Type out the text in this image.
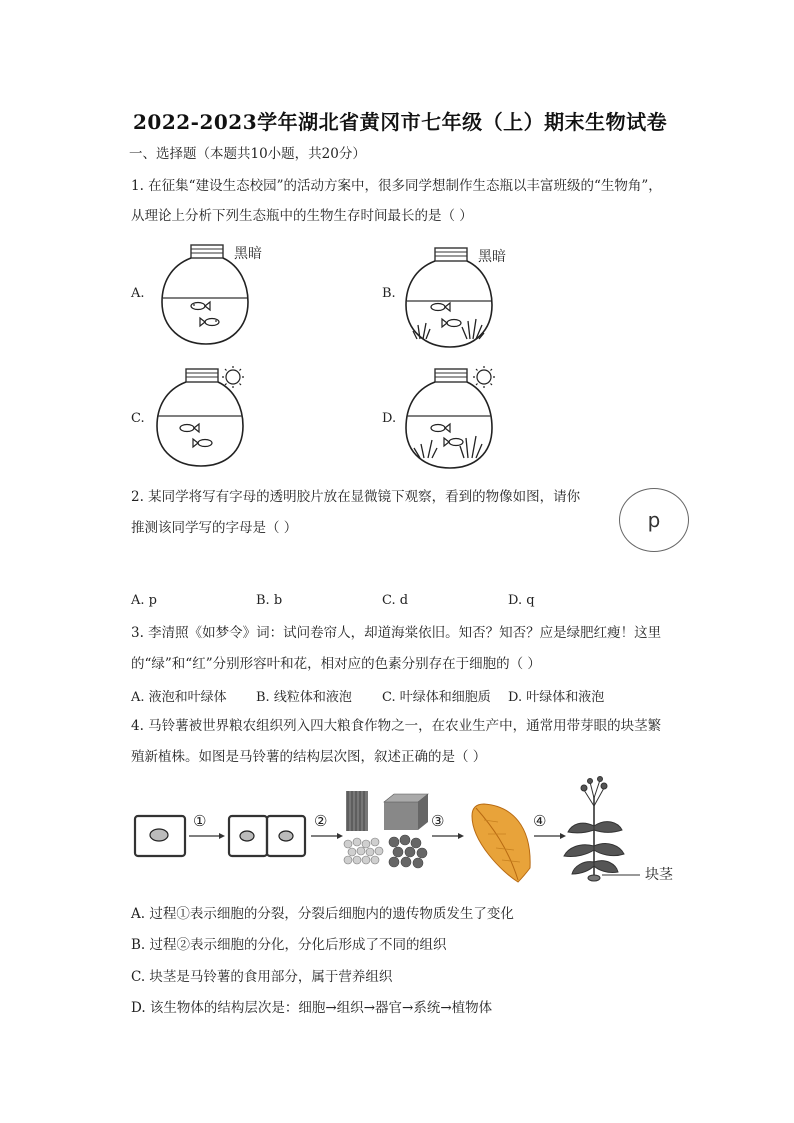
2022-2023学年湖北省黄冈市七年级（上）期末生物试卷
一、选择题（本题共10小题，共20分）
1. 在征集“建设生态校园”的活动方案中，很多同学想制作生态瓶以丰富班级的“生物角”，
从理论上分析下列生态瓶中的生物生存时间最长的是（ ）
A.	B.
C.	D.
黑暗	黑暗
2. 某同学将写有字母的透明胶片放在显微镜下观察，看到的物像如图，请你
推测该同学写的字母是（ ）	p
A. p	B. b	C. d	D. q
3. 李清照《如梦令》词：试问卷帘人，却道海棠依旧。知否？知否？应是绿肥红瘦！这里
的“绿”和“红”分别形容叶和花，相对应的色素分别存在于细胞的（ ）
A. 液泡和叶绿体 B. 线粒体和液泡 C. 叶绿体和细胞质 D. 叶绿体和液泡
4. 马铃薯被世界粮农组织列入四大粮食作物之一，在农业生产中，通常用带芽眼的块茎繁
殖新植株。如图是马铃薯的结构层次图，叙述正确的是（ ）
①	②	③	④
块茎
A. 过程①表示细胞的分裂，分裂后细胞内的遗传物质发生了变化
B. 过程②表示细胞的分化，分化后形成了不同的组织
C. 块茎是马铃薯的食用部分，属于营养组织
D. 该生物体的结构层次是：细胞→组织→器官→系统→植物体
